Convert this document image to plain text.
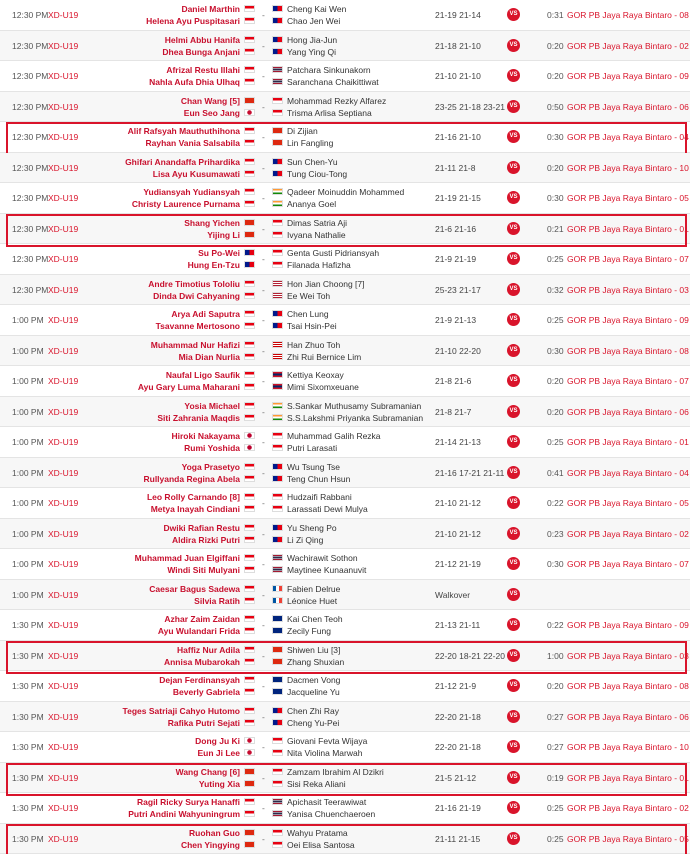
12:30 PM XD-U19
Daniel Marthin
Helena Ayu Puspitasari
-
Cheng Kai Wen
Chao Jen Wei
21-19 21-14	VS	0:31 GOR PB Jaya Raya Bintaro - 08
12:30 PM XD-U19
Helmi Abbu Hanifa
Dhea Bunga Anjani
-
Hong Jia-Jun
Yang Ying Qi
21-18 21-10	VS	0:20 GOR PB Jaya Raya Bintaro - 02
12:30 PM XD-U19
Afrizal Restu Illahi
Nahla Aufa Dhia Ulhaq
-
Patchara Sinkunakorn
Saranchana Chaikittiwat
21-10 21-10	VS	0:20 GOR PB Jaya Raya Bintaro - 09
12:30 PM XD-U19
Chan Wang [5]
Eun Seo Jang
-
Mohammad Rezky Alfarez
Trisma Arlisa Septiana
23-25 21-18 23-21 VS	0:50 GOR PB Jaya Raya Bintaro - 06
12:30 PM XD-U19
Alif Rafsyah Mauthuthihona
Rayhan Vania Salsabila
-
Di Zijian
Lin Fangling
21-16 21-10	VS	0:30 GOR PB Jaya Raya Bintaro - 04
12:30 PM XD-U19
Ghifari Anandaffa Prihardika
Lisa Ayu Kusumawati
-
Sun Chen-Yu
Tung Ciou-Tong
21-11 21-8	VS	0:20 GOR PB Jaya Raya Bintaro - 10
12:30 PM XD-U19
Yudiansyah Yudiansyah
Christy Laurence Purnama
-
Qadeer Moinuddin Mohammed
Ananya Goel
21-19 21-15	VS	0:30 GOR PB Jaya Raya Bintaro - 05
12:30 PM XD-U19
Shang Yichen
Yijing Li
-
Dimas Satria Aji
Ivyana Nathalie
21-6 21-16	VS	0:21 GOR PB Jaya Raya Bintaro - 01
12:30 PM XD-U19
Su Po-Wei
Hung En-Tzu
-
Genta Gusti Pidriansyah
Filanada Hafizha
21-9 21-19	VS	0:25 GOR PB Jaya Raya Bintaro - 07
12:30 PM XD-U19
Andre Timotius Tololiu
Dinda Dwi Cahyaning
-
Hon Jian Choong [7]
Ee Wei Toh
25-23 21-17	VS	0:32 GOR PB Jaya Raya Bintaro - 03
1:00 PM XD-U19
Arya Adi Saputra
Tsavanne Mertosono
-
Chen Lung
Tsai Hsin-Pei
21-9 21-13	VS	0:25 GOR PB Jaya Raya Bintaro - 09
1:00 PM XD-U19
Muhammad Nur Hafizi
Mia Dian Nurlia
-
Han Zhuo Toh
Zhi Rui Bernice Lim
21-10 22-20	VS	0:30 GOR PB Jaya Raya Bintaro - 08
1:00 PM XD-U19
Naufal Ligo Saufik
Ayu Gary Luma Maharani
-
Kettiya Keoxay
Mimi Sixomxeuane
21-8 21-6	VS	0:20 GOR PB Jaya Raya Bintaro - 07
1:00 PM XD-U19
Yosia Michael
Siti Zahrania Maqdis
-
S.Sankar Muthusamy Subramanian
S.S.Lakshmi Priyanka Subramanian
21-8 21-7	VS	0:20 GOR PB Jaya Raya Bintaro - 06
1:00 PM XD-U19
Hiroki Nakayama
Rumi Yoshida
-
Muhammad Galih Rezka
Putri Larasati
21-14 21-13	VS	0:25 GOR PB Jaya Raya Bintaro - 01
1:00 PM XD-U19
Yoga Prasetyo
Rullyanda Regina Abela
-
Wu Tsung Tse
Teng Chun Hsun
21-16 17-21 21-11 VS	0:41 GOR PB Jaya Raya Bintaro - 04
1:00 PM XD-U19
Leo Rolly Carnando [8]
Metya Inayah Cindiani
-
Hudzaifi Rabbani
Larassati Dewi Mulya
21-10 21-12	VS	0:22 GOR PB Jaya Raya Bintaro - 05
1:00 PM XD-U19
Dwiki Rafian Restu
Aldira Rizki Putri
-
Yu Sheng Po
Li Zi Qing
21-10 21-12	VS	0:23 GOR PB Jaya Raya Bintaro - 02
1:00 PM XD-U19
Muhammad Juan Elgiffani
Windi Siti Mulyani
-
Wachirawit Sothon
Maytinee Kunaanuvit
21-12 21-19	VS	0:30 GOR PB Jaya Raya Bintaro - 07
1:00 PM XD-U19
Caesar Bagus Sadewa
Silvia Ratih
-
Fabien Delrue
Léonice Huet
Walkover	VS
1:30 PM XD-U19
Azhar Zaim Zaidan
Ayu Wulandari Frida
-
Kai Chen Teoh
Zecily Fung
21-13 21-11	VS	0:22 GOR PB Jaya Raya Bintaro - 09
1:30 PM XD-U19
Haffiz Nur Adila
Annisa Mubarokah
-
Shiwen Liu [3]
Zhang Shuxian
22-20 18-21 22-20 VS	1:00 GOR PB Jaya Raya Bintaro - 03
1:30 PM XD-U19
Dejan Ferdinansyah
Beverly Gabriela
-
Dacmen Vong
Jacqueline Yu
21-12 21-9	VS	0:20 GOR PB Jaya Raya Bintaro - 08
1:30 PM XD-U19
Teges Satriaji Cahyo Hutomo
Rafika Putri Sejati
-
Chen Zhi Ray
Cheng Yu-Pei
22-20 21-18	VS	0:27 GOR PB Jaya Raya Bintaro - 06
1:30 PM XD-U19
Dong Ju Ki
Eun Ji Lee
-
Giovani Fevta Wijaya
Nita Violina Marwah
22-20 21-18	VS	0:27 GOR PB Jaya Raya Bintaro - 10
1:30 PM XD-U19
Wang Chang [6]
Yuting Xia
-
Zamzam Ibrahim Al Dzikri
Sisi Reka Aliani
21-5 21-12	VS	0:19 GOR PB Jaya Raya Bintaro - 01
1:30 PM XD-U19
Ragil Ricky Surya Hanaffi
Putri Andini Wahyuningrum
-
Apichasit Teerawiwat
Yanisa Chuenchaeroen
21-16 21-19	VS	0:25 GOR PB Jaya Raya Bintaro - 02
1:30 PM XD-U19
Ruohan Guo
Chen Yingying
-
Wahyu Pratama
Oei Elisa Santosa
21-11 21-15	VS	0:25 GOR PB Jaya Raya Bintaro - 05
